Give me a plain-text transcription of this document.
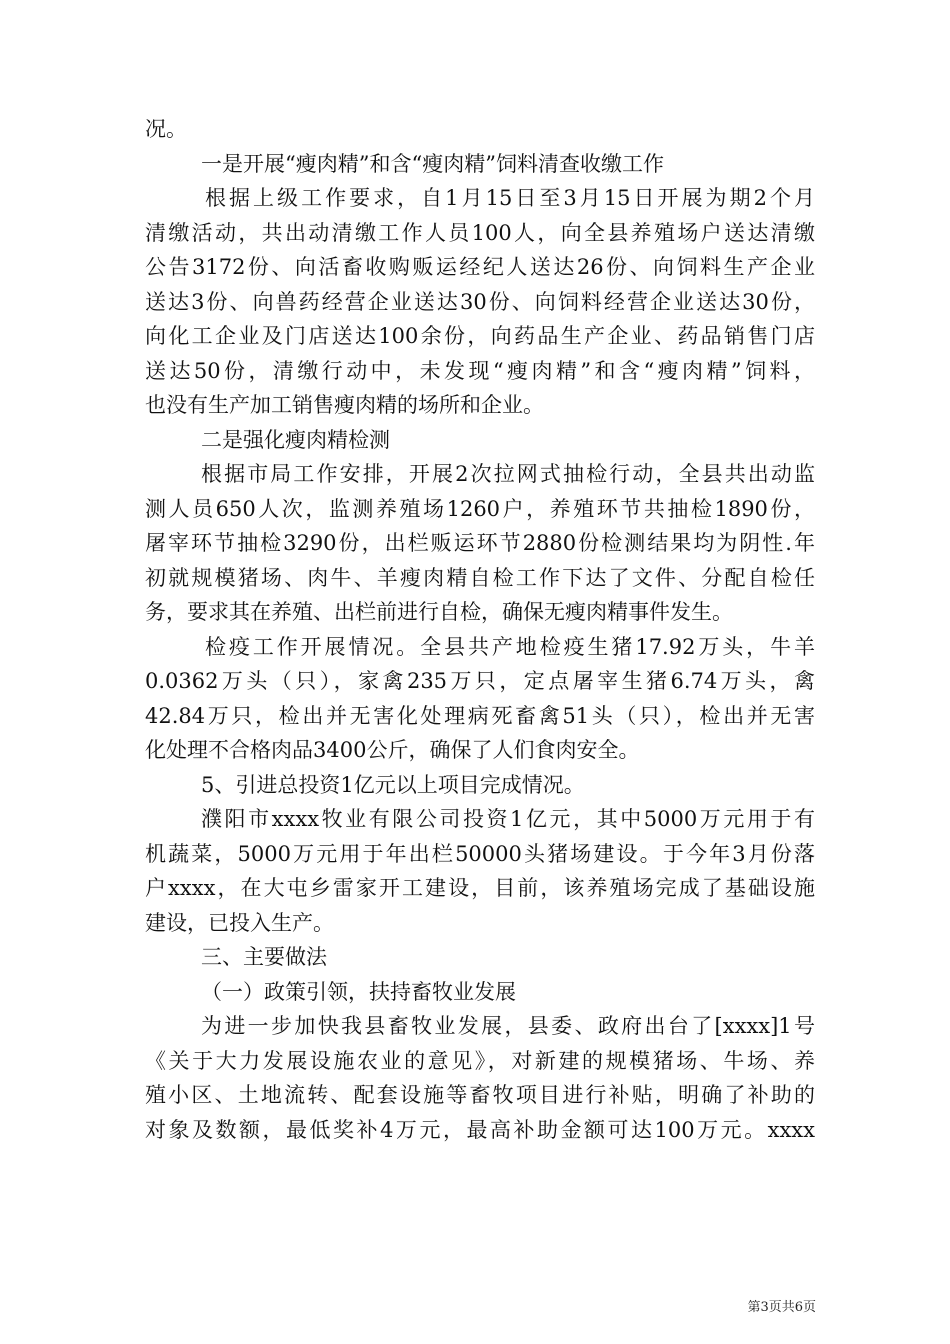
况。
一是开展“瘦肉精”和含“瘦肉精”饲料清查收缴工作
根据上级工作要求，自1月15日至3月15日开展为期2个月
清缴活动，共出动清缴工作人员100人，向全县养殖场户送达清缴
公告3172份、向活畜收购贩运经纪人送达26份、向饲料生产企业
送达3份、向兽药经营企业送达30份、向饲料经营企业送达30份，
向化工企业及门店送达100余份，向药品生产企业、药品销售门店
送达50份，清缴行动中，未发现“瘦肉精”和含“瘦肉精”饲料，
也没有生产加工销售瘦肉精的场所和企业。
二是强化瘦肉精检测
根据市局工作安排，开展2次拉网式抽检行动，全县共出动监
测人员650人次，监测养殖场1260户，养殖环节共抽检1890份，
屠宰环节抽检3290份，出栏贩运环节2880份检测结果均为阴性.年
初就规模猪场、肉牛、羊瘦肉精自检工作下达了文件、分配自检任
务，要求其在养殖、出栏前进行自检，确保无瘦肉精事件发生。
检疫工作开展情况。全县共产地检疫生猪17.92万头，牛羊
0.0362万头（只），家禽235万只，定点屠宰生猪6.74万头，禽
42.84万只，检出并无害化处理病死畜禽51头（只），检出并无害
化处理不合格肉品3400公斤，确保了人们食肉安全。
5、引进总投资1亿元以上项目完成情况。
濮阳市xxxx牧业有限公司投资1亿元，其中5000万元用于有
机蔬菜，5000万元用于年出栏50000头猪场建设。于今年3月份落
户xxxx，在大屯乡雷家开工建设，目前，该养殖场完成了基础设施
建设，已投入生产。
三、主要做法
（一）政策引领，扶持畜牧业发展
为进一步加快我县畜牧业发展，县委、政府出台了[xxxx]1号
《关于大力发展设施农业的意见》，对新建的规模猪场、牛场、养
殖小区、土地流转、配套设施等畜牧项目进行补贴，明确了补助的
对象及数额，最低奖补4万元，最高补助金额可达100万元。xxxx
第3页共6页
